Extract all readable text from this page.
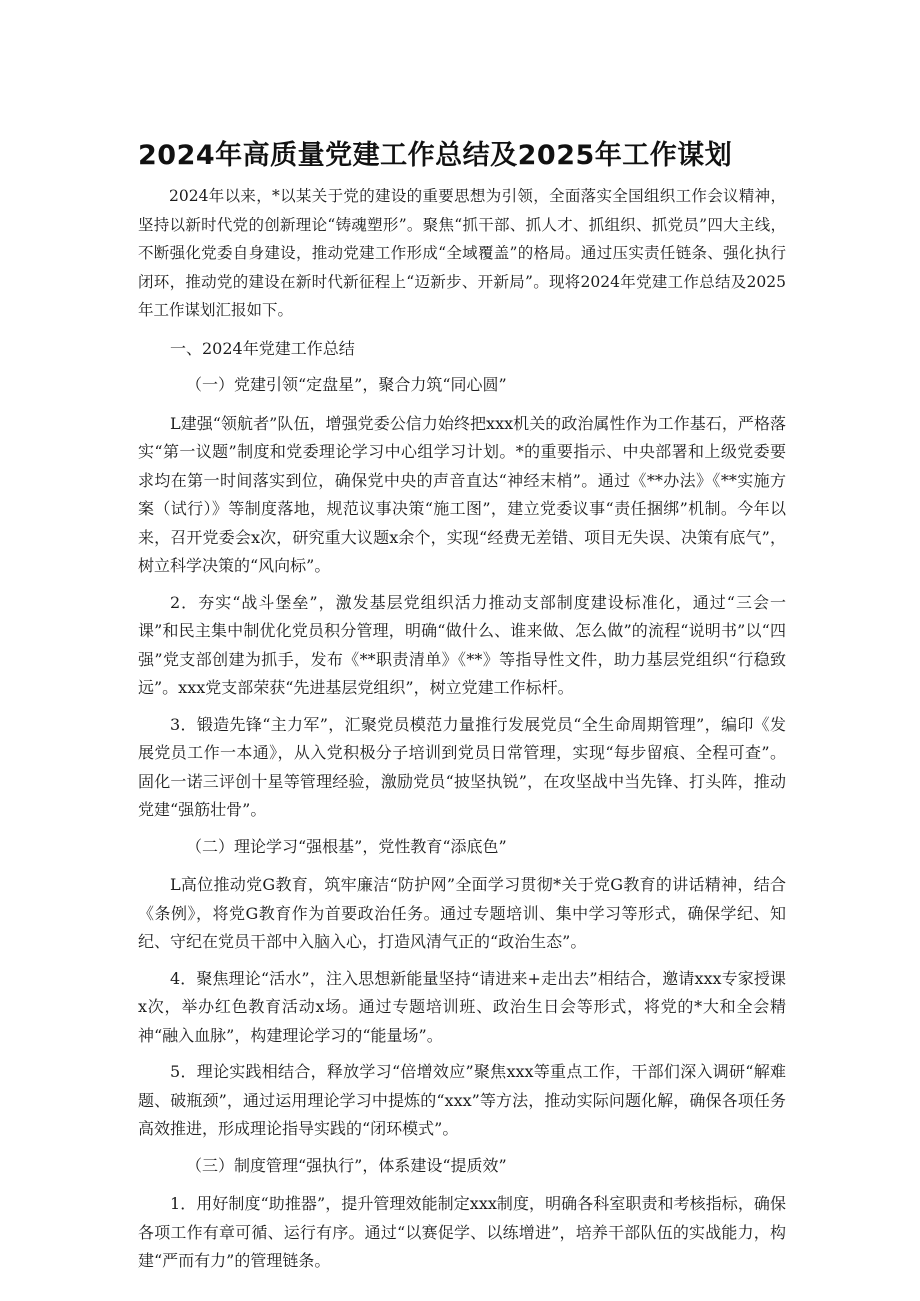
2024年高质量党建工作总结及2025年工作谋划

2024年以来，*以某关于党的建设的重要思想为引领，全面落实全国组织工作会议精神，坚持以新时代党的创新理论“铸魂塑形”。聚焦“抓干部、抓人才、抓组织、抓党员”四大主线，不断强化党委自身建设，推动党建工作形成“全域覆盖”的格局。通过压实责任链条、强化执行闭环，推动党的建设在新时代新征程上“迈新步、开新局”。现将2024年党建工作总结及2025年工作谋划汇报如下。

一、2024年党建工作总结

（一）党建引领“定盘星”，聚合力筑“同心圆”

L建强“领航者”队伍，增强党委公信力始终把xxx机关的政治属性作为工作基石，严格落实“第一议题”制度和党委理论学习中心组学习计划。*的重要指示、中央部署和上级党委要求均在第一时间落实到位，确保党中央的声音直达“神经末梢”。通过《**办法》《**实施方案（试行）》等制度落地，规范议事决策“施工图”，建立党委议事“责任捆绑”机制。今年以来，召开党委会x次，研究重大议题x余个，实现“经费无差错、项目无失误、决策有底气”，树立科学决策的“风向标”。

2．夯实“战斗堡垒”，激发基层党组织活力推动支部制度建设标准化，通过“三会一课”和民主集中制优化党员积分管理，明确“做什么、谁来做、怎么做”的流程“说明书”以“四强”党支部创建为抓手，发布《**职责清单》《**》等指导性文件，助力基层党组织“行稳致远”。xxx党支部荣获“先进基层党组织”，树立党建工作标杆。

3．锻造先锋“主力军”，汇聚党员模范力量推行发展党员“全生命周期管理”，编印《发展党员工作一本通》，从入党积极分子培训到党员日常管理，实现“每步留痕、全程可查”。固化一诺三评创十星等管理经验，激励党员“披坚执锐”，在攻坚战中当先锋、打头阵，推动党建“强筋壮骨”。

（二）理论学习“强根基”，党性教育“添底色”

L高位推动党G教育，筑牢廉洁“防护网”全面学习贯彻*关于党G教育的讲话精神，结合《条例》，将党G教育作为首要政治任务。通过专题培训、集中学习等形式，确保学纪、知纪、守纪在党员干部中入脑入心，打造风清气正的“政治生态”。

4．聚焦理论“活水”，注入思想新能量坚持“请进来+走出去”相结合，邀请xxx专家授课x次，举办红色教育活动x场。通过专题培训班、政治生日会等形式，将党的*大和全会精神“融入血脉”，构建理论学习的“能量场”。

5．理论实践相结合，释放学习“倍增效应”聚焦xxx等重点工作，干部们深入调研“解难题、破瓶颈”，通过运用理论学习中提炼的“xxx”等方法，推动实际问题化解，确保各项任务高效推进，形成理论指导实践的“闭环模式”。

（三）制度管理“强执行”，体系建设“提质效”

1．用好制度“助推器”，提升管理效能制定xxx制度，明确各科室职责和考核指标，确保各项工作有章可循、运行有序。通过“以赛促学、以练增进”，培养干部队伍的实战能力，构建“严而有力”的管理链条。
